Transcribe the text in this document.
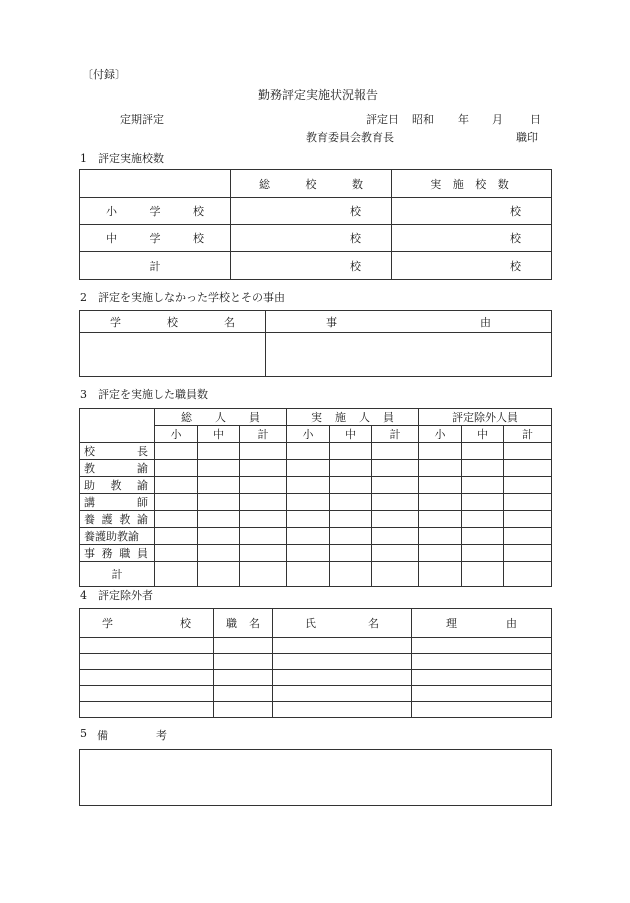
〔付録〕
勤務評定実施状況報告
定期評定	評定日 昭和 年 月 日
教育委員会教育長	職印
1　評定実施校数

	総 校 数	実 施 校 数

小 学 校	校	校

中 学 校	校	校
計	校	校
2　評定を実施しなかった学校とその事由
学 校 名	事 由

3　評定を実施した職員数

	総 人 員			実 施 人 員			評定除外人員		
	小	中	計	小	中	計	小	中	計

校 長									

教 諭									

助 教 諭									

講 師									

養 護 教 諭									

養護助教諭									

事 務 職 員									

計									
4　評定除外者
学 校	職 名	氏 名	理 由

5 備	考
